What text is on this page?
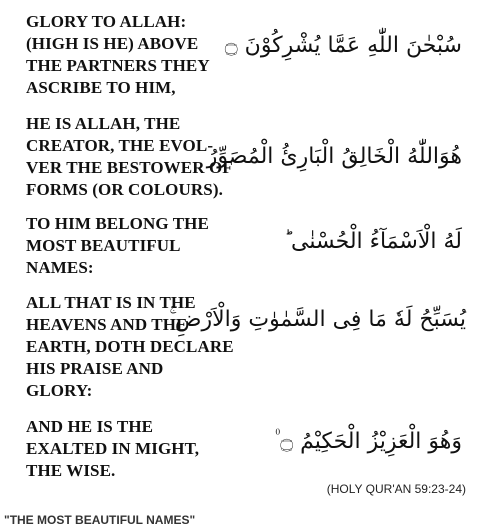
GLORY TO ALLAH:
(HIGH IS HE) ABOVE
THE PARTNERS THEY
ASCRIBE TO HIM,

سُبْحٰنَ اللّٰهِ عَمَّا يُشْرِكُوْنَ ۝

HE IS ALLAH, THE
CREATOR, THE EVOL-
VER THE BESTOWER OF
FORMS (OR COLOURS).

هُوَاللّٰهُ الْخَالِقُ الْبَارِئُ الْمُصَوِّرُ

TO HIM BELONG THE
MOST BEAUTIFUL
NAMES:

لَهُ الْاَسْمَآءُ الْحُسْنٰى ؕ

ALL THAT IS IN THE
HEAVENS AND THE
EARTH, DOTH DECLARE
HIS PRAISE AND
GLORY:

يُسَبِّحُ لَهٗ مَا فِى السَّمٰوٰتِ وَالْاَرْضِ ۚ

AND HE IS THE
EXALTED IN MIGHT,
THE WISE.

وَهُوَ الْعَزِيْزُ الْحَكِيْمُ ۝ ۠

(HOLY QUR'AN 59:23-24)
"THE MOST BEAUTIFUL NAMES"
